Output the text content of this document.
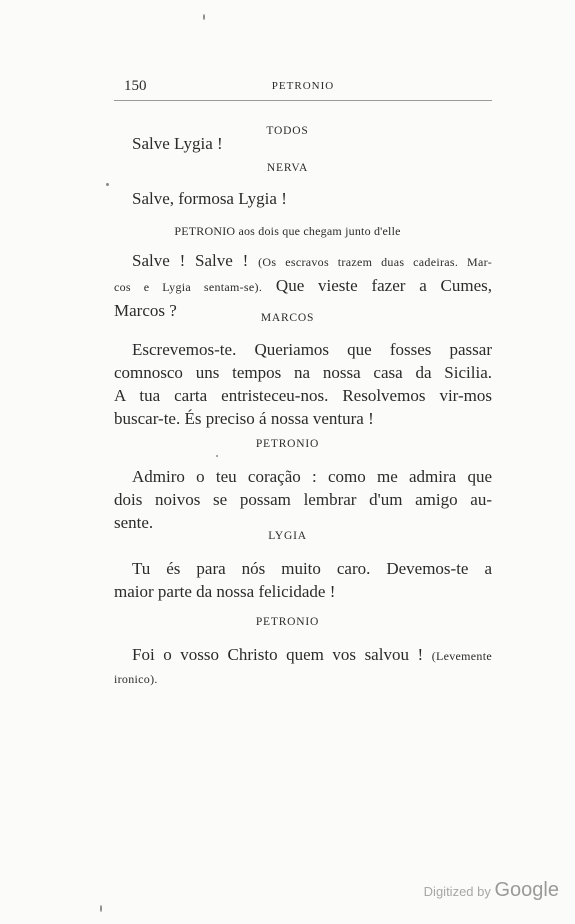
150	PETRONIO
TODOS
Salve Lygia !
NERVA
Salve, formosa Lygia !
PETRONIO aos dois que chegam junto d'elle
Salve ! Salve ! (Os escravos trazem duas cadeiras. Mar-
cos e Lygia sentam-se). Que vieste fazer a Cumes,
Marcos ?	MARCOS
Escrevemos-te. Queriamos que fosses passar
comnosco uns tempos na nossa casa da Sicilia.
A tua carta entristeceu-nos. Resolvemos vir-mos
buscar-te. És preciso á nossa ventura !
PETRONIO
Admiro o teu coração : como me admira que
dois noivos se possam lembrar d'um amigo au-
sente.
LYGIA
Tu és para nós muito caro. Devemos-te a
maior parte da nossa felicidade !
PETRONIO
Foi o vosso Christo quem vos salvou ! (Levemente
ironico).
Digitized by Google
